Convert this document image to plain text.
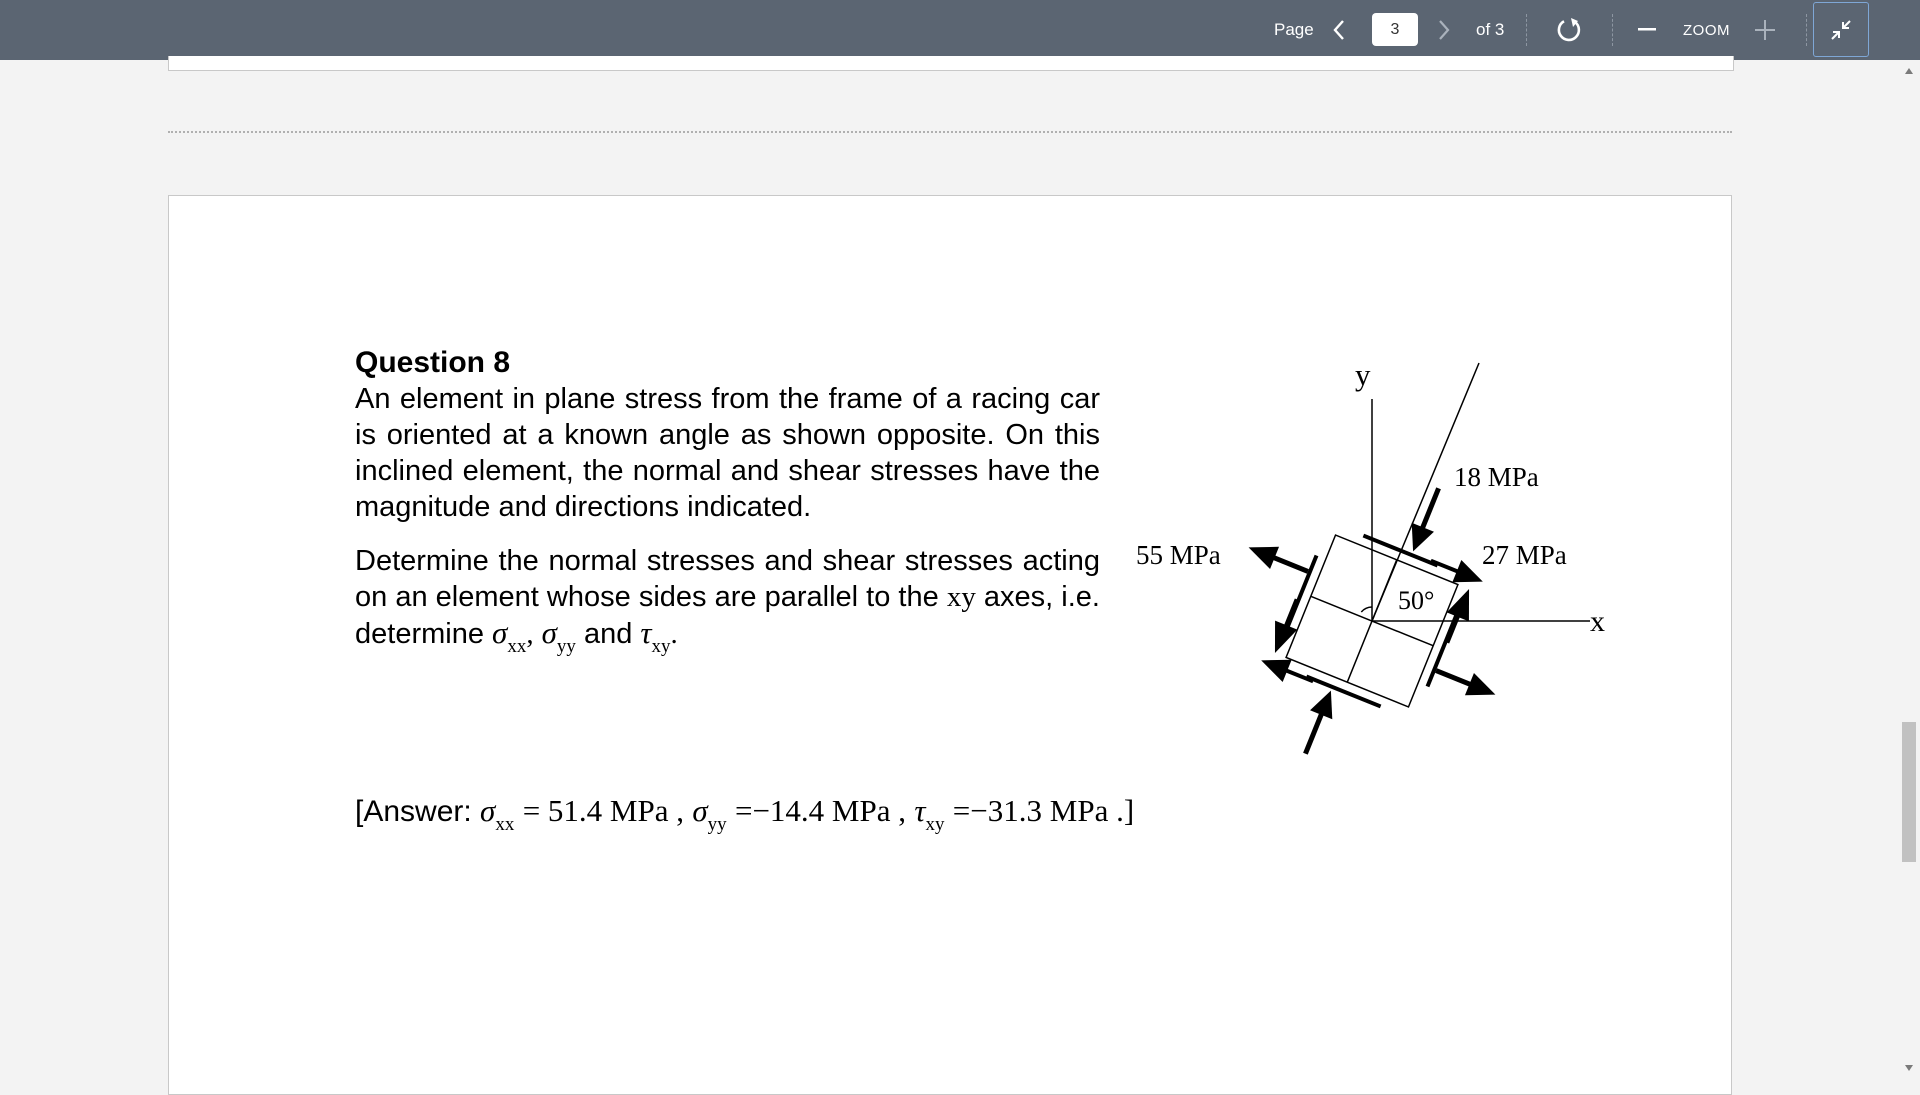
Page
3	of 3	ZOOM
Question 8
An element in plane stress from the frame of a racing car is oriented at a known angle as shown opposite. On this inclined element, the normal and shear stresses have the magnitude and directions indicated.
Determine the normal stresses and shear stresses acting on an element whose sides are parallel to the xy axes, i.e. determine $\sigma_{xx}$, $\sigma_{yy}$ and $\tau_{xy}$.
[Answer: $\sigma_{xx} = 51.4$ MPa , $\sigma_{yy} =-14.4$ MPa , $\tau_{xy} =-31.3$ MPa .]
y
x
50°
18 MPa
27 MPa
55 MPa
